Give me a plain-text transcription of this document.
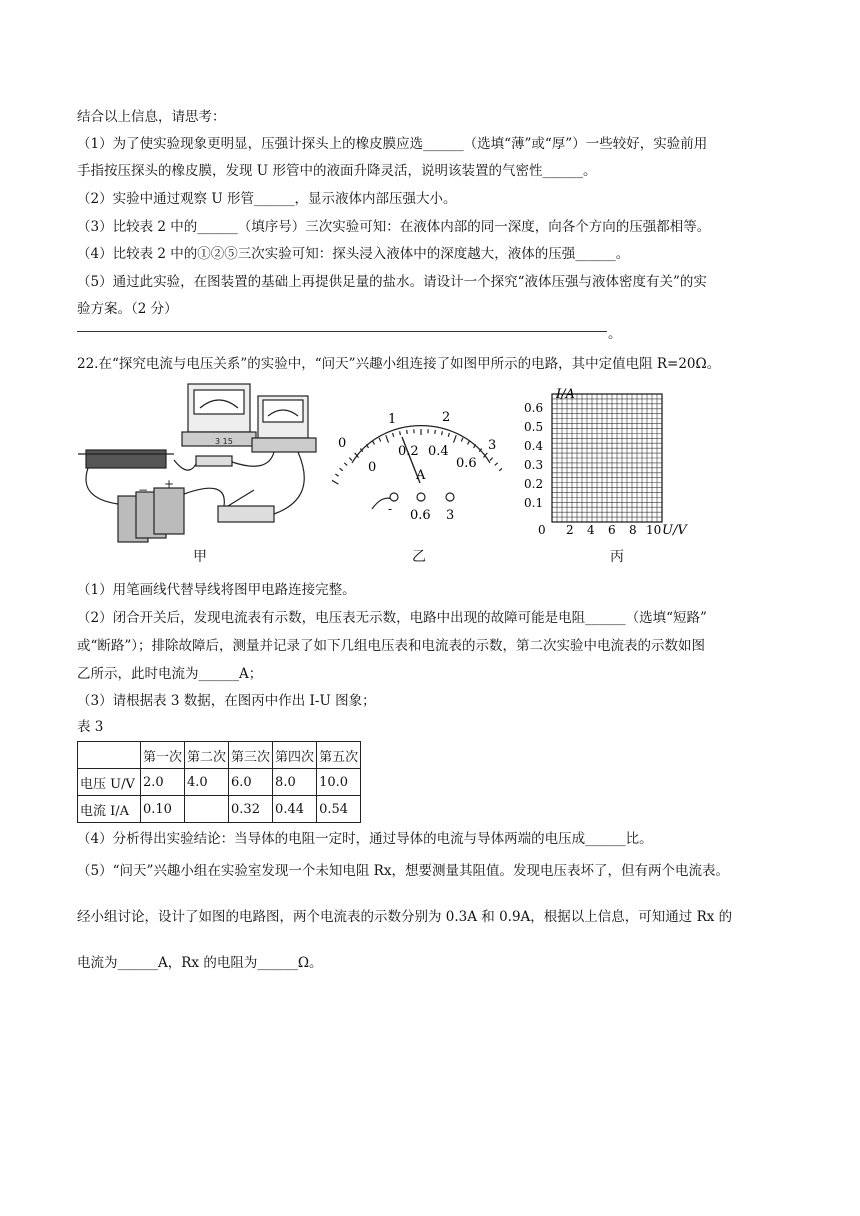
结合以上信息，请思考：
（1）为了使实验现象更明显，压强计探头上的橡皮膜应选______（选填“薄”或“厚”）一些较好，实验前用
手指按压探头的橡皮膜，发现 U 形管中的液面升降灵活，说明该装置的气密性______。
（2）实验中通过观察 U 形管______，显示液体内部压强大小。
（3）比较表 2 中的______（填序号）三次实验可知：在液体内部的同一深度，向各个方向的压强都相等。
（4）比较表 2 中的①②⑤三次实验可知：探头浸入液体中的深度越大，液体的压强______。
（5）通过此实验，在图装置的基础上再提供足量的盐水。请设计一个探究“液体压强与液体密度有关”的实
验方案。（2 分）
。
22.在“探究电流与电压关系”的实验中，“问天”兴趣小组连接了如图甲所示的电路，其中定值电阻 R=20Ω。
3 15
− +
甲
0
1	2
3
0
0.2 0.4
0.6
A
- 0.6 3
乙
I/A
0.6
0.5
0.4
0.3
0.2
0.1
0 2 4 6 8 10 U/V
丙
（1）用笔画线代替导线将图甲电路连接完整。
（2）闭合开关后，发现电流表有示数，电压表无示数，电路中出现的故障可能是电阻______（选填“短路”
或“断路”）；排除故障后，测量并记录了如下几组电压表和电流表的示数，第二次实验中电流表的示数如图
乙所示，此时电流为______A；
（3）请根据表 3 数据，在图丙中作出 I-U 图象；
表 3
	第一次	第二次	第三次	第四次	第五次
电压 U/V	2.0	4.0	6.0	8.0	10.0
电流 I/A	0.10		0.32	0.44	0.54
（4）分析得出实验结论：当导体的电阻一定时，通过导体的电流与导体两端的电压成______比。
（5）“问天”兴趣小组在实验室发现一个未知电阻 Rx，想要测量其阻值。发现电压表坏了，但有两个电流表。
经小组讨论，设计了如图的电路图，两个电流表的示数分别为 0.3A 和 0.9A，根据以上信息，可知通过 Rx 的
电流为______A，Rx 的电阻为______Ω。
